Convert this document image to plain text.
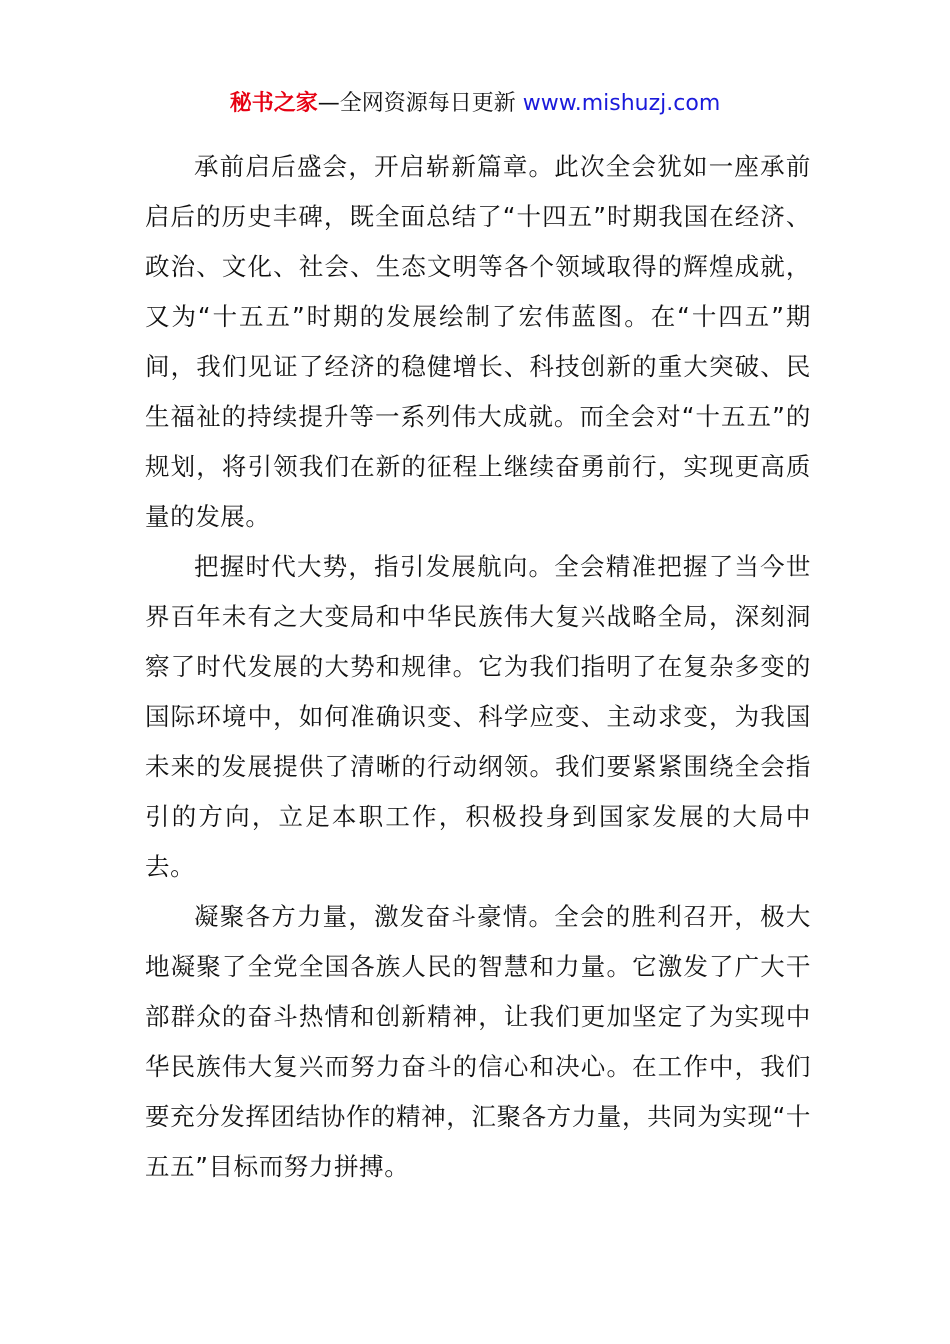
秘书之家—全网资源每日更新 www.mishuzj.com

承前启后盛会，开启崭新篇章。此次全会犹如一座承前启后的历史丰碑，既全面总结了“十四五”时期我国在经济、政治、文化、社会、生态文明等各个领域取得的辉煌成就，又为“十五五”时期的发展绘制了宏伟蓝图。在“十四五”期间，我们见证了经济的稳健增长、科技创新的重大突破、民生福祉的持续提升等一系列伟大成就。而全会对“十五五”的规划，将引领我们在新的征程上继续奋勇前行，实现更高质量的发展。

把握时代大势，指引发展航向。全会精准把握了当今世界百年未有之大变局和中华民族伟大复兴战略全局，深刻洞察了时代发展的大势和规律。它为我们指明了在复杂多变的国际环境中，如何准确识变、科学应变、主动求变，为我国未来的发展提供了清晰的行动纲领。我们要紧紧围绕全会指引的方向，立足本职工作，积极投身到国家发展的大局中去。

凝聚各方力量，激发奋斗豪情。全会的胜利召开，极大地凝聚了全党全国各族人民的智慧和力量。它激发了广大干部群众的奋斗热情和创新精神，让我们更加坚定了为实现中华民族伟大复兴而努力奋斗的信心和决心。在工作中，我们要充分发挥团结协作的精神，汇聚各方力量，共同为实现“十五五”目标而努力拼搏。
